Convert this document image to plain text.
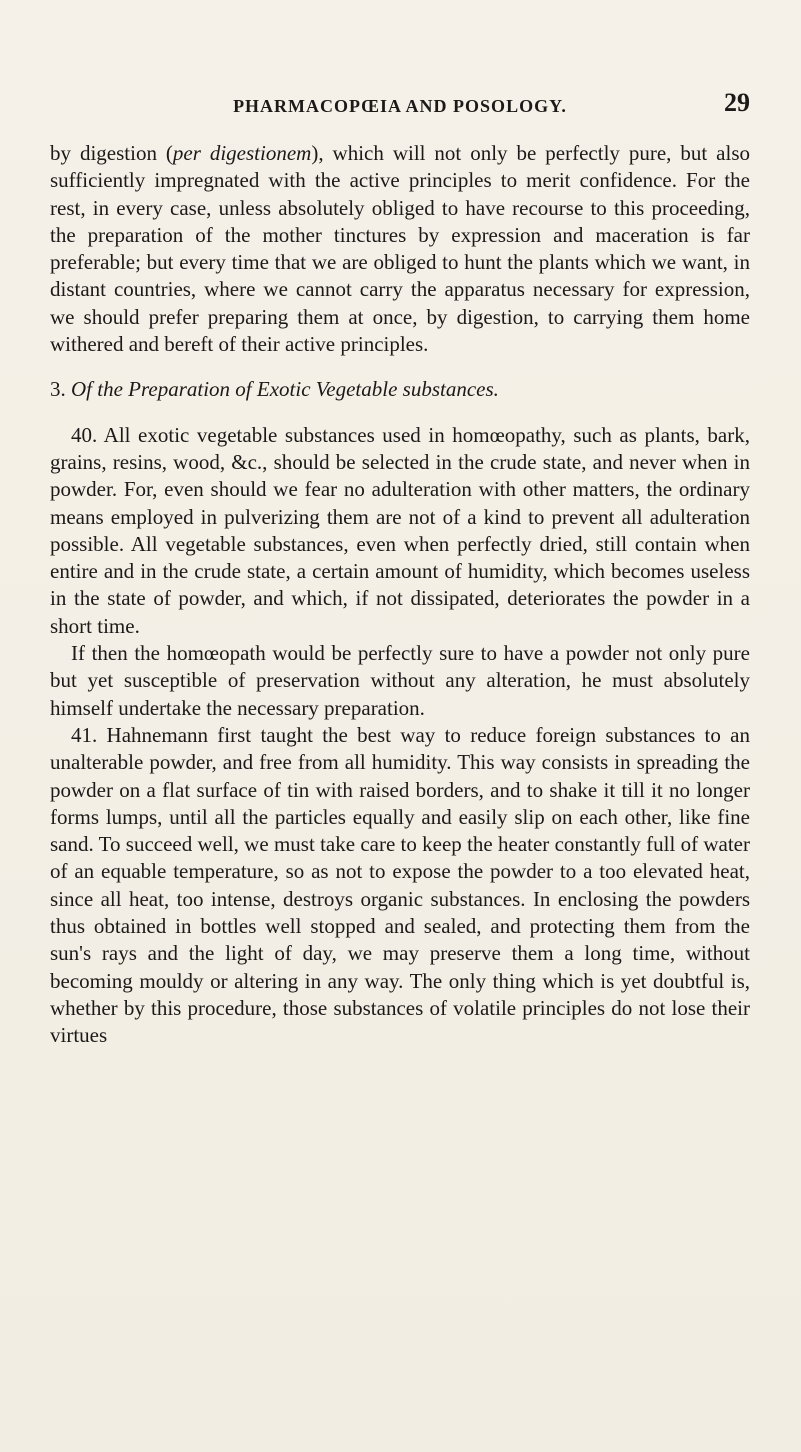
PHARMACOPŒIA AND POSOLOGY.	29

by digestion (per digestionem), which will not only be perfectly pure, but also sufficiently impregnated with the active principles to merit confidence. For the rest, in every case, unless absolutely obliged to have recourse to this proceeding, the preparation of the mother tinctures by expression and maceration is far preferable; but every time that we are obliged to hunt the plants which we want, in distant countries, where we cannot carry the apparatus necessary for expression, we should prefer preparing them at once, by digestion, to carrying them home withered and bereft of their active principles.

3. Of the Preparation of Exotic Vegetable substances.

40. All exotic vegetable substances used in homœopathy, such as plants, bark, grains, resins, wood, &c., should be selected in the crude state, and never when in powder. For, even should we fear no adulteration with other matters, the ordinary means employed in pulverizing them are not of a kind to prevent all adulteration possible. All vegetable substances, even when perfectly dried, still contain when entire and in the crude state, a certain amount of humidity, which becomes useless in the state of powder, and which, if not dissipated, deteriorates the powder in a short time.

If then the homœopath would be perfectly sure to have a powder not only pure but yet susceptible of preservation without any alteration, he must absolutely himself undertake the necessary preparation.

41. Hahnemann first taught the best way to reduce foreign substances to an unalterable powder, and free from all humidity. This way consists in spreading the powder on a flat surface of tin with raised borders, and to shake it till it no longer forms lumps, until all the particles equally and easily slip on each other, like fine sand. To succeed well, we must take care to keep the heater constantly full of water of an equable temperature, so as not to expose the powder to a too elevated heat, since all heat, too intense, destroys organic substances. In enclosing the powders thus obtained in bottles well stopped and sealed, and protecting them from the sun's rays and the light of day, we may preserve them a long time, without becoming mouldy or altering in any way. The only thing which is yet doubtful is, whether by this procedure, those substances of volatile principles do not lose their virtues
